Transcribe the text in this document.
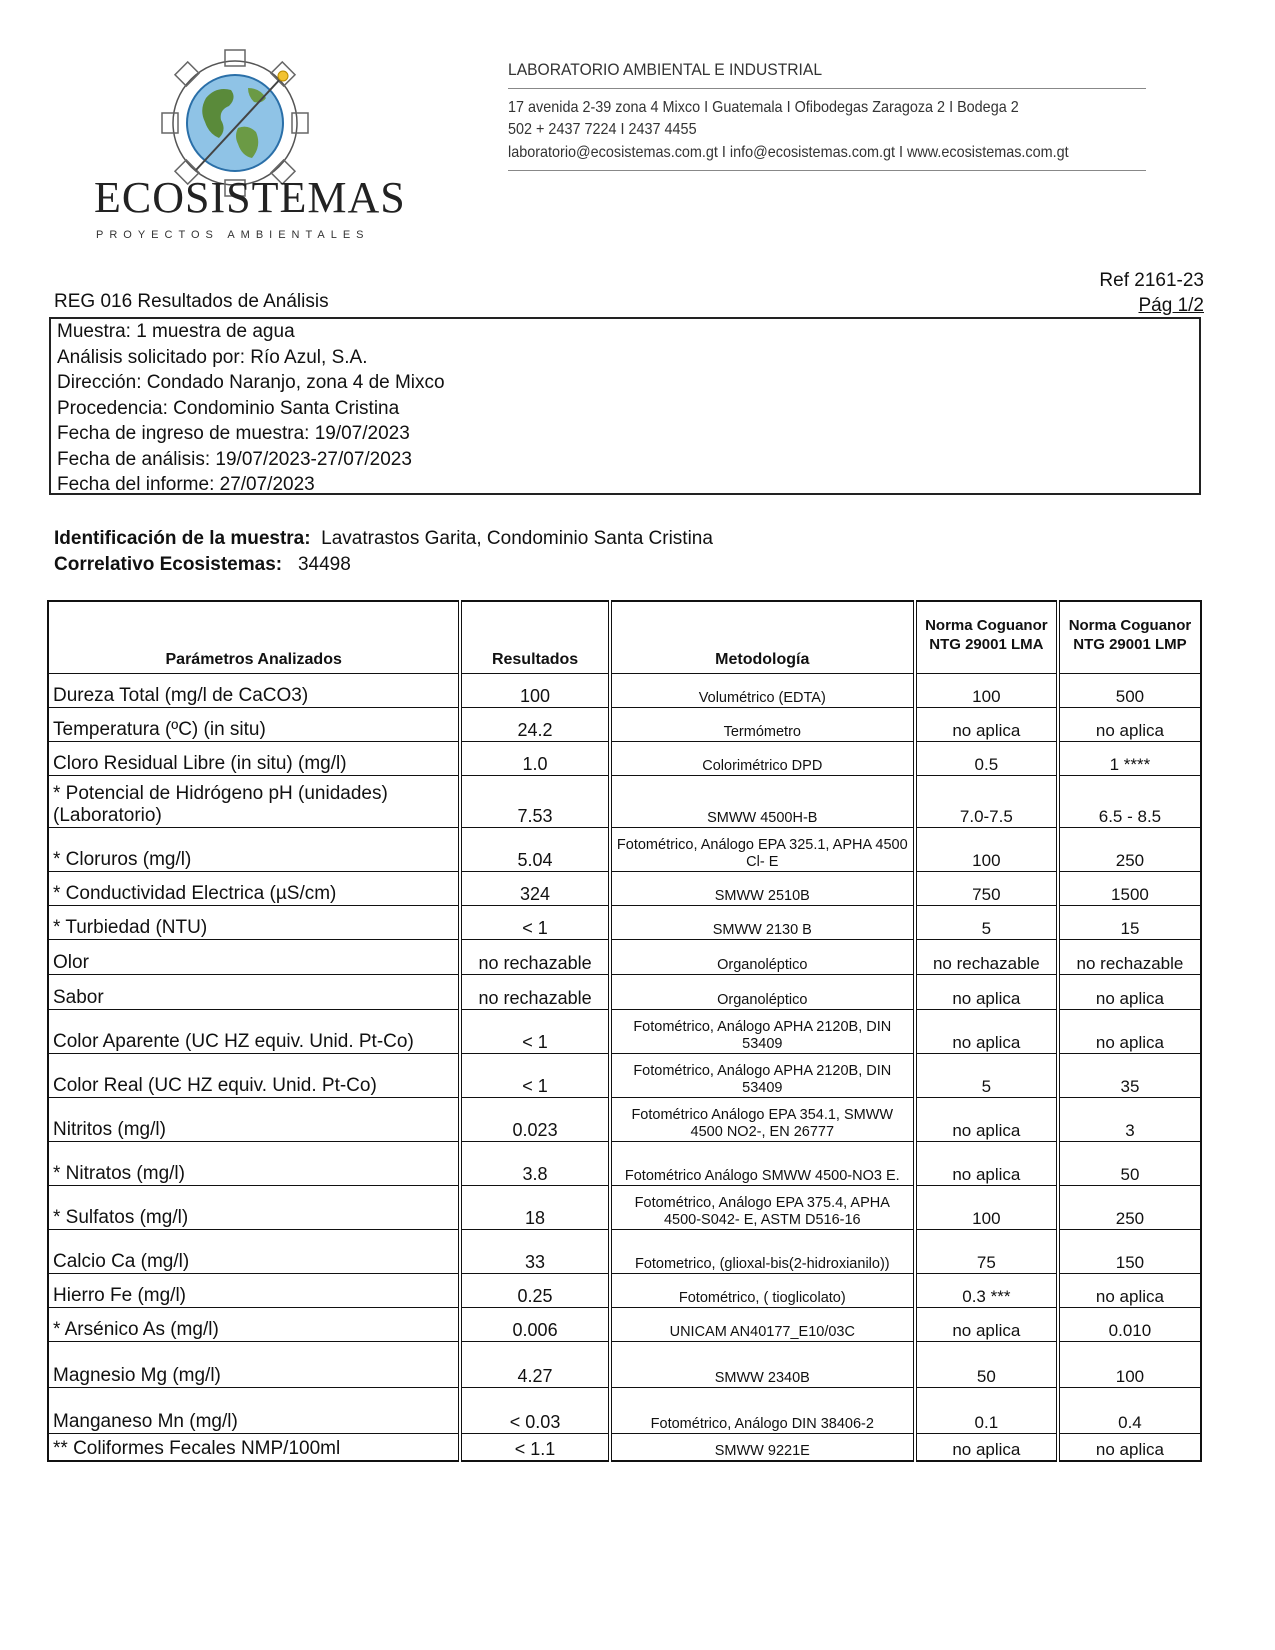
ECOSISTEMAS
PROYECTOS AMBIENTALES
LABORATORIO AMBIENTAL E INDUSTRIAL
17 avenida 2-39 zona 4 Mixco I Guatemala I Ofibodegas Zaragoza 2 I Bodega 2
502 + 2437 7224 I 2437 4455
laboratorio@ecosistemas.com.gt I info@ecosistemas.com.gt I www.ecosistemas.com.gt
REG 016 Resultados de Análisis
Ref 2161-23
Pág 1/2
Muestra: 1 muestra de agua
Análisis solicitado por: Río Azul, S.A.
Dirección: Condado Naranjo, zona 4 de Mixco
Procedencia: Condominio Santa Cristina
Fecha de ingreso de muestra: 19/07/2023
Fecha de análisis: 19/07/2023-27/07/2023
Fecha del informe: 27/07/2023
Identificación de la muestra: Lavatrastos Garita, Condominio Santa Cristina
Correlativo Ecosistemas: 34498
Parámetros Analizados	Resultados	Metodología	Norma Coguanor NTG 29001 LMA	Norma Coguanor NTG 29001 LMP
Dureza Total (mg/l de CaCO3)	100	Volumétrico (EDTA)	100	500
Temperatura (ºC) (in situ)	24.2	Termómetro	no aplica	no aplica
Cloro Residual Libre (in situ) (mg/l)	1.0	Colorimétrico DPD	0.5	1 ****
* Potencial de Hidrógeno pH (unidades) (Laboratorio)	7.53	SMWW 4500H-B	7.0-7.5	6.5 - 8.5
* Cloruros (mg/l)	5.04	Fotométrico, Análogo EPA 325.1, APHA 4500 Cl- E	100	250
* Conductividad Electrica (µS/cm)	324	SMWW 2510B	750	1500
* Turbiedad (NTU)	< 1	SMWW 2130 B	5	15
Olor	no rechazable	Organoléptico	no rechazable	no rechazable
Sabor	no rechazable	Organoléptico	no aplica	no aplica
Color Aparente (UC HZ equiv. Unid. Pt-Co)	< 1	Fotométrico, Análogo APHA 2120B, DIN 53409	no aplica	no aplica
Color Real (UC HZ equiv. Unid. Pt-Co)	< 1	Fotométrico, Análogo APHA 2120B, DIN 53409	5	35
Nitritos (mg/l)	0.023	Fotométrico Análogo EPA 354.1, SMWW 4500 NO2-, EN 26777	no aplica	3
* Nitratos (mg/l)	3.8	Fotométrico Análogo SMWW 4500-NO3 E.	no aplica	50
* Sulfatos (mg/l)	18	Fotométrico, Análogo EPA 375.4, APHA 4500-S042- E, ASTM D516-16	100	250
Calcio Ca (mg/l)	33	Fotometrico, (glioxal-bis(2-hidroxianilo))	75	150
Hierro Fe (mg/l)	0.25	Fotométrico, ( tioglicolato)	0.3 ***	no aplica
* Arsénico As (mg/l)	0.006	UNICAM AN40177_E10/03C	no aplica	0.010
Magnesio Mg (mg/l)	4.27	SMWW 2340B	50	100
Manganeso Mn (mg/l)	< 0.03	Fotométrico, Análogo DIN 38406-2	0.1	0.4
** Coliformes Fecales NMP/100ml	< 1.1	SMWW 9221E	no aplica	no aplica
